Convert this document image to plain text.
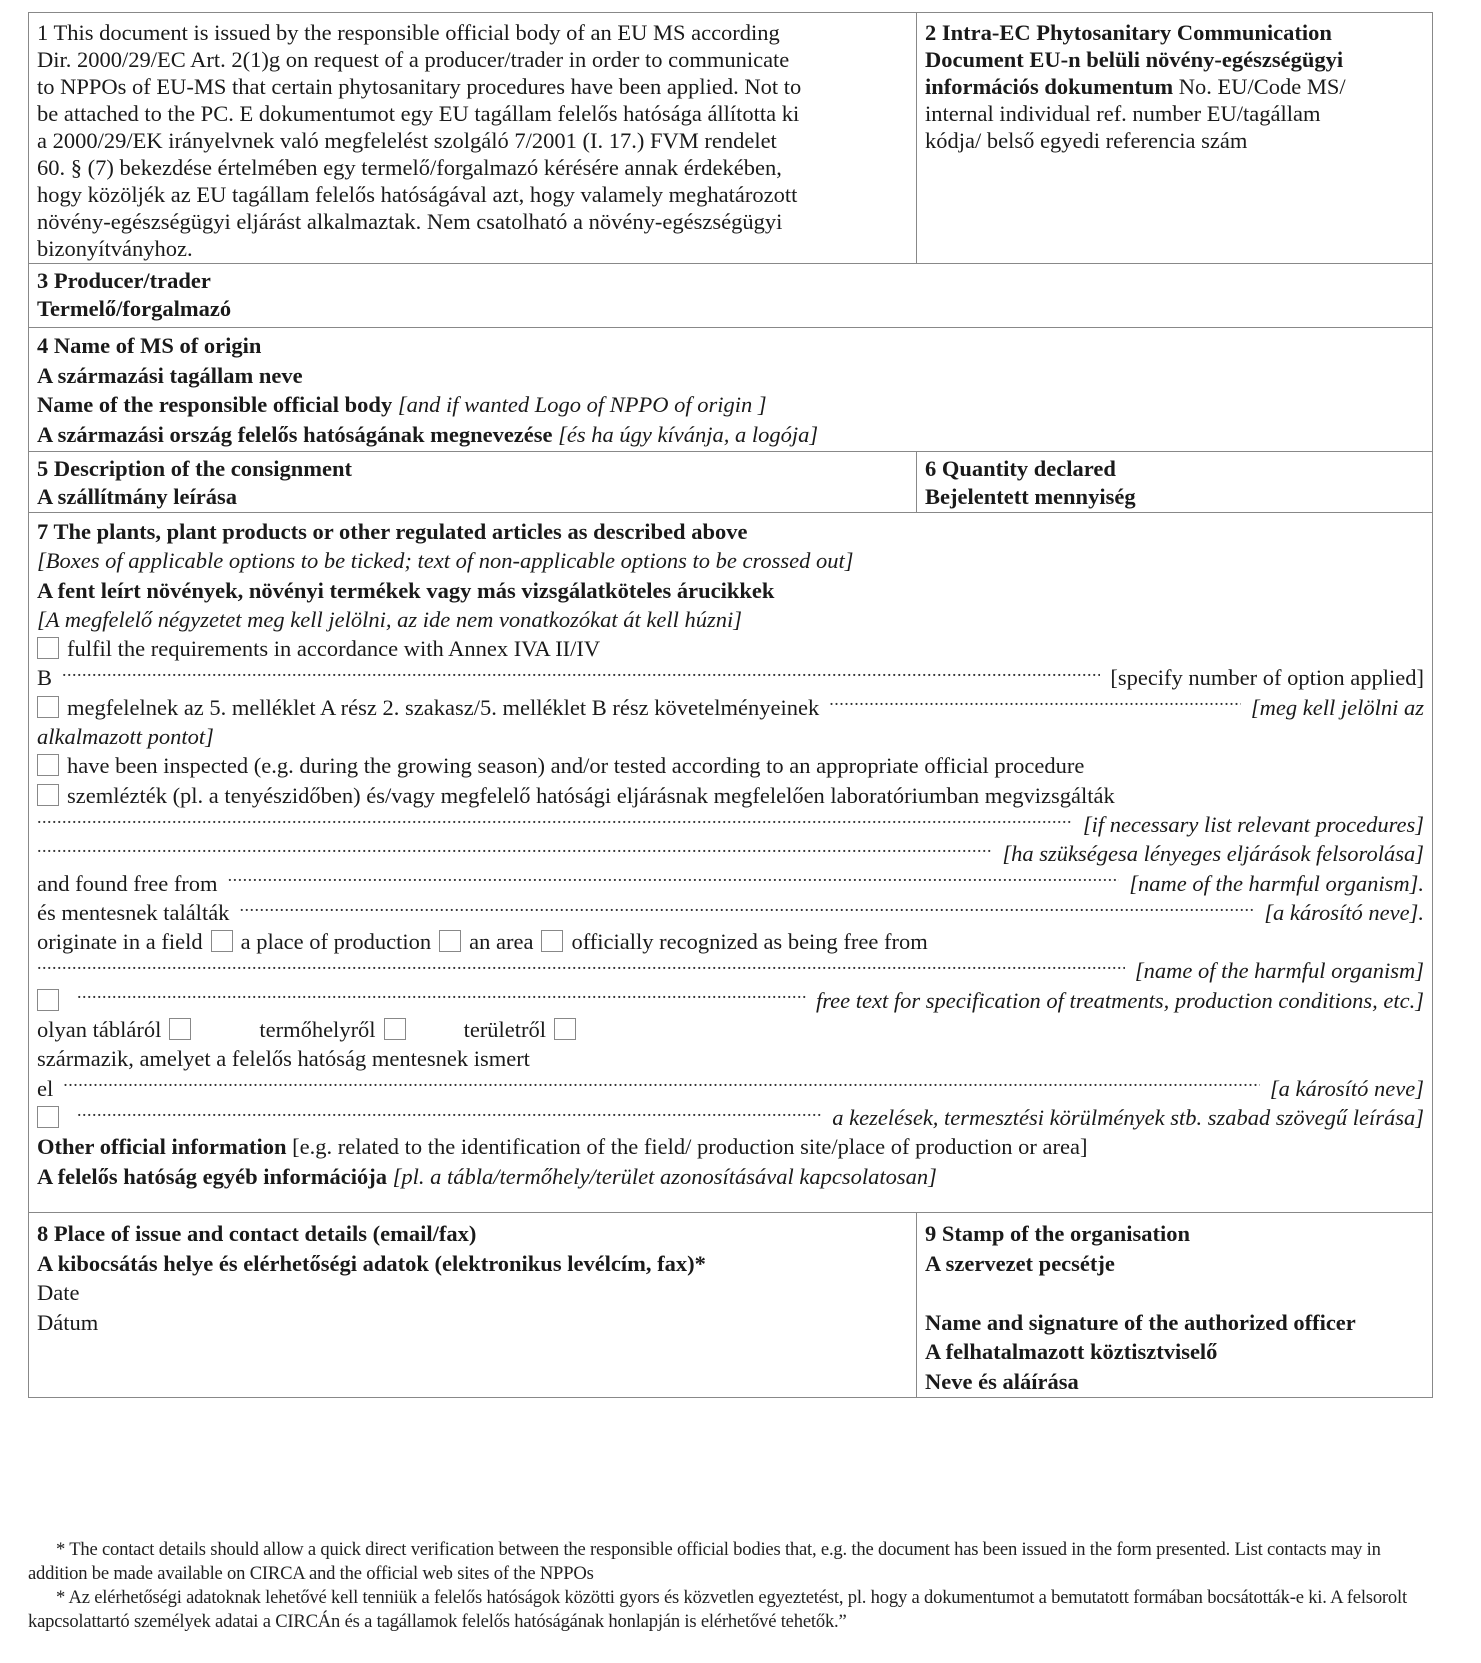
1 This document is issued by the responsible official body of an EU MS according
Dir. 2000/29/EC Art. 2(1)g on request of a producer/trader in order to communicate
to NPPOs of EU-MS that certain phytosanitary procedures have been applied. Not to
be attached to the PC. E dokumentumot egy EU tagállam felelős hatósága állította ki
a 2000/29/EK irányelvnek való megfelelést szolgáló 7/2001 (I. 17.) FVM rendelet
60. § (7) bekezdése értelmében egy termelő/forgalmazó kérésére annak érdekében,
hogy közöljék az EU tagállam felelős hatóságával azt, hogy valamely meghatározott
növény-egészségügyi eljárást alkalmaztak. Nem csatolható a növény-egészségügyi
bizonyítványhoz.
2 Intra-EC Phytosanitary Communication
Document EU-n belüli növény-egészségügyi
információs dokumentum No. EU/Code MS/
internal individual ref. number EU/tagállam
kódja/ belső egyedi referencia szám
3 Producer/trader
Termelő/forgalmazó
4 Name of MS of origin
A származási tagállam neve
Name of the responsible official body [and if wanted Logo of NPPO of origin ]
A származási ország felelős hatóságának megnevezése [és ha úgy kívánja, a logója]
5 Description of the consignment
A szállítmány leírása
6 Quantity declared
Bejelentett mennyiség
7 The plants, plant products or other regulated articles as described above
[Boxes of applicable options to be ticked; text of non-applicable options to be crossed out]
A fent leírt növények, növényi termékek vagy más vizsgálatköteles árucikkek
[A megfelelő négyzetet meg kell jelölni, az ide nem vonatkozókat át kell húzni]
fulfil the requirements in accordance with Annex IVA II/IV
B .....	[specify number of option applied]
megfelelnek az 5. melléklet A rész 2. szakasz/5. melléklet B rész követelményeinek .....	[meg kell jelölni az
alkalmazott pontot]
have been inspected (e.g. during the growing season) and/or tested according to an appropriate official procedure
szemlézték (pl. a tenyészidőben) és/vagy megfelelő hatósági eljárásnak megfelelően laboratóriumban megvizsgálták
.....
[if necessary list relevant procedures]
.....
[ha szükségesa lényeges eljárások felsorolása]
and found free from .....	[name of the harmful organism].
és mentesnek találták .....	[a károsító neve].
originate in a field a place of production an area officially recognized as being free from
.....
[name of the harmful organism]
.....
free text for specification of treatments, production conditions, etc.]
olyan tábláról	termőhelyről	területről
származik, amelyet a felelős hatóság mentesnek ismert
el .....	[a károsító neve]
.....
a kezelések, termesztési körülmények stb. szabad szövegű leírása]
Other official information [e.g. related to the identification of the field/ production site/place of production or area]
A felelős hatóság egyéb információja [pl. a tábla/termőhely/terület azonosításával kapcsolatosan]
8 Place of issue and contact details (email/fax)
A kibocsátás helye és elérhetőségi adatok (elektronikus levélcím, fax)*
Date
Dátum
9 Stamp of the organisation
A szervezet pecsétje
Name and signature of the authorized officer
A felhatalmazott köztisztviselő
Neve és aláírása
* The contact details should allow a quick direct verification between the responsible official bodies that, e.g. the document has been issued in the form presented. List contacts may in addition be made available on CIRCA and the official web sites of the NPPOs
* Az elérhetőségi adatoknak lehetővé kell tenniük a felelős hatóságok közötti gyors és közvetlen egyeztetést, pl. hogy a dokumentumot a bemutatott formában bocsátották-e ki. A felsorolt kapcsolattartó személyek adatai a CIRCÁn és a tagállamok felelős hatóságának honlapján is elérhetővé tehetők.”
